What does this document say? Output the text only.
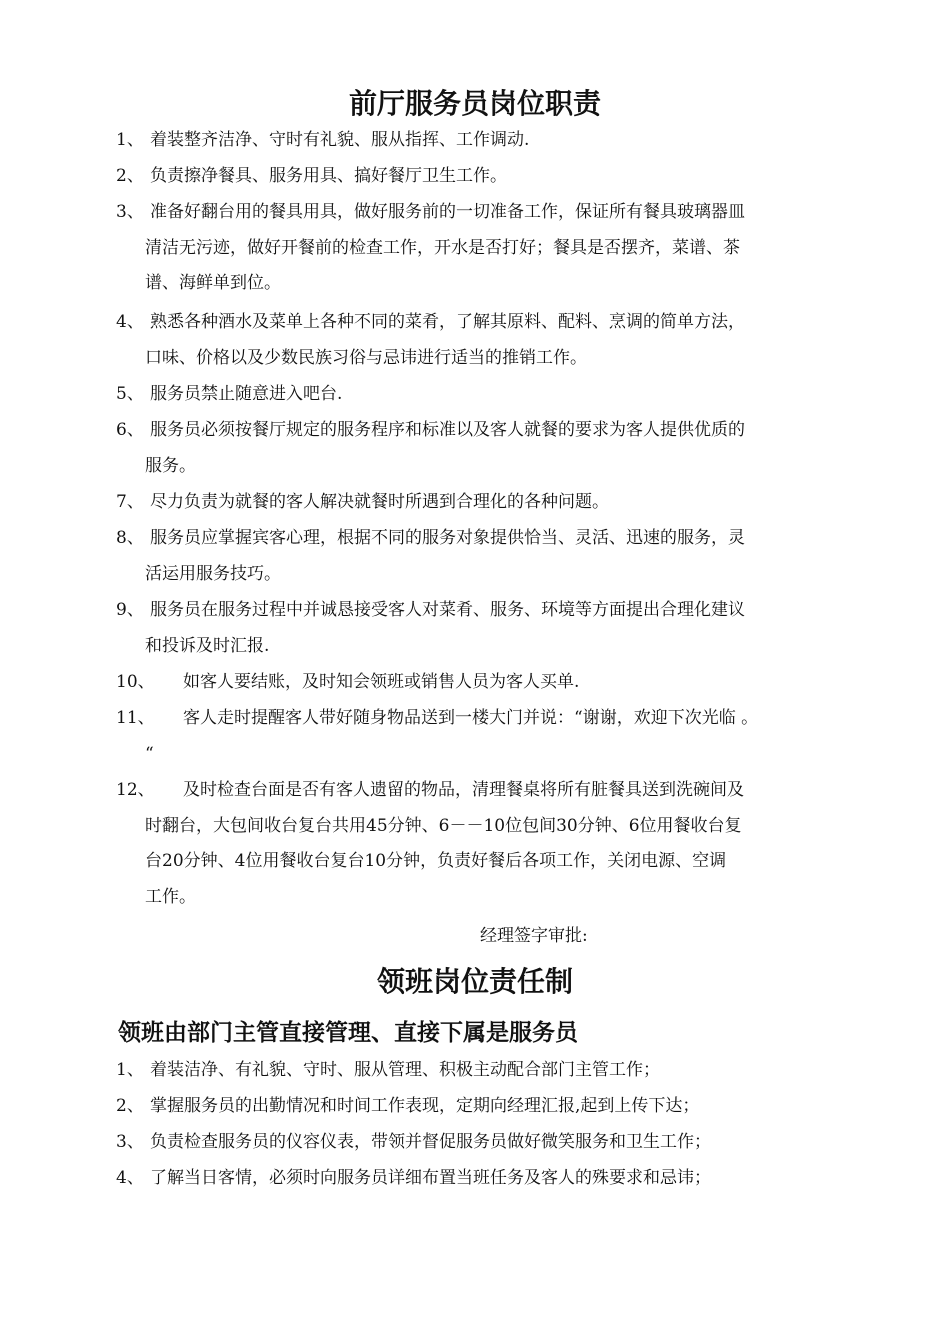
前厅服务员岗位职责
1、 着装整齐洁净、守时有礼貌、服从指挥、工作调动.
2、 负责擦净餐具、服务用具、搞好餐厅卫生工作。
3、 准备好翻台用的餐具用具，做好服务前的一切准备工作，保证所有餐具玻璃器皿
清洁无污迹，做好开餐前的检查工作，开水是否打好；餐具是否摆齐，菜谱、茶
谱、海鲜单到位。
4、 熟悉各种酒水及菜单上各种不同的菜肴，了解其原料、配料、烹调的简单方法，
口味、价格以及少数民族习俗与忌讳进行适当的推销工作。
5、 服务员禁止随意进入吧台.
6、 服务员必须按餐厅规定的服务程序和标准以及客人就餐的要求为客人提供优质的
服务。
7、 尽力负责为就餐的客人解决就餐时所遇到合理化的各种问题。
8、 服务员应掌握宾客心理，根据不同的服务对象提供恰当、灵活、迅速的服务，灵
活运用服务技巧。
9、 服务员在服务过程中并诚恳接受客人对菜肴、服务、环境等方面提出合理化建议
和投诉及时汇报.
10、	如客人要结账，及时知会领班或销售人员为客人买单.
11、	客人走时提醒客人带好随身物品送到一楼大门并说：“谢谢，欢迎下次光临 。
“
12、	及时检查台面是否有客人遗留的物品，清理餐桌将所有脏餐具送到洗碗间及
时翻台，大包间收台复台共用45分钟、6－－10位包间30分钟、6位用餐收台复
台20分钟、4位用餐收台复台10分钟，负责好餐后各项工作，关闭电源、空调
工作。
经理签字审批:
领班岗位责任制
领班由部门主管直接管理、直接下属是服务员
1、 着装洁净、有礼貌、守时、服从管理、积极主动配合部门主管工作；
2、 掌握服务员的出勤情况和时间工作表现，定期向经理汇报,起到上传下达；
3、 负责检查服务员的仪容仪表，带领并督促服务员做好微笑服务和卫生工作；
4、 了解当日客情，必须时向服务员详细布置当班任务及客人的殊要求和忌讳；
